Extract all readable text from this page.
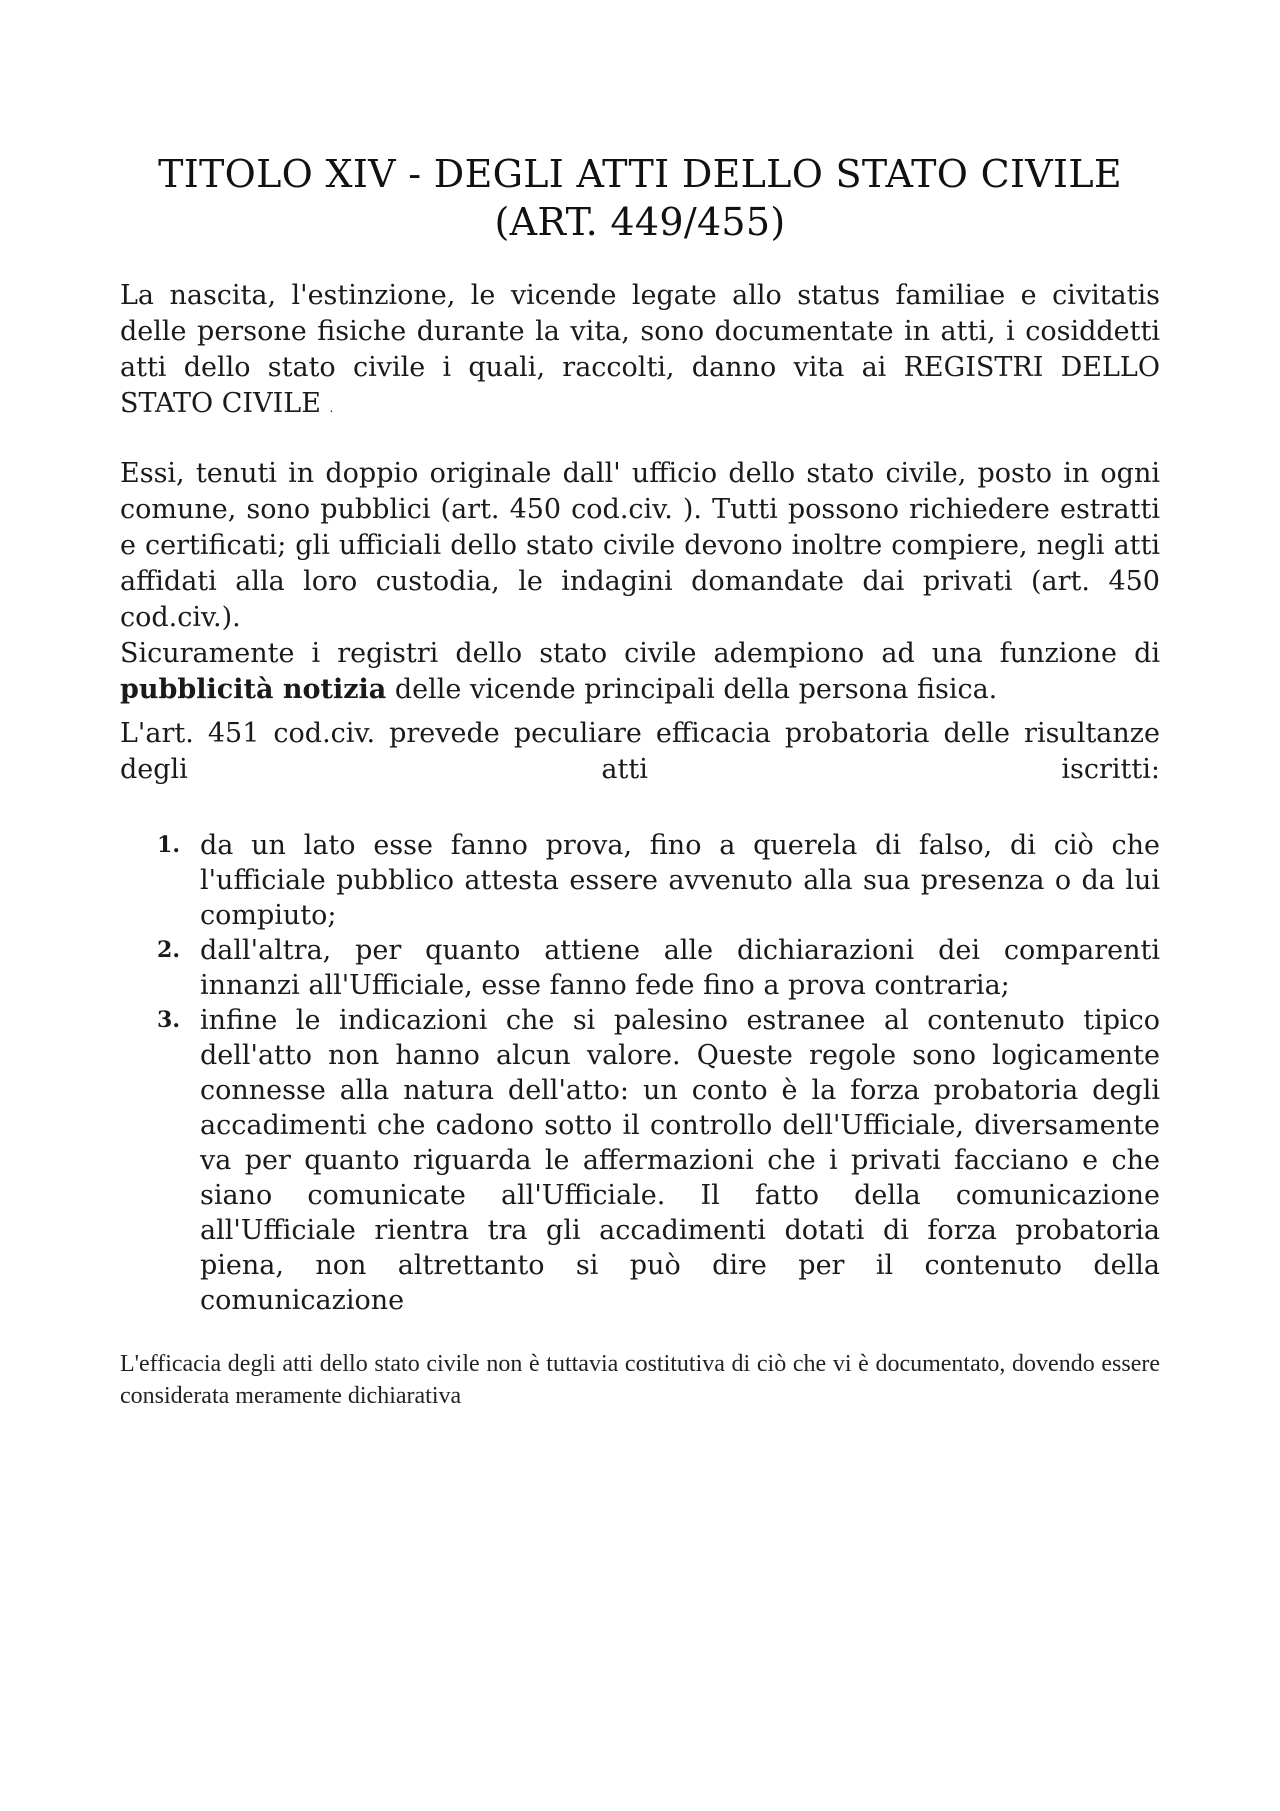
TITOLO XIV - DEGLI ATTI DELLO STATO CIVILE
(ART. 449/455)

La nascita, l'estinzione, le vicende legate allo status familiae e civitatis delle persone fisiche durante la vita, sono documentate in atti, i cosiddetti atti dello stato civile i quali, raccolti, danno vita ai REGISTRI DELLO STATO CIVILE .

Essi, tenuti in doppio originale dall' ufficio dello stato civile, posto in ogni comune, sono pubblici (art. 450 cod.civ. ). Tutti possono richiedere estratti e certificati; gli ufficiali dello stato civile devono inoltre compiere, negli atti affidati alla loro custodia, le indagini domandate dai privati (art. 450 cod.civ.).

Sicuramente i registri dello stato civile adempiono ad una funzione di pubblicità notizia delle vicende principali della persona fisica.

L'art. 451 cod.civ. prevede peculiare efficacia probatoria delle risultanze degli atti iscritti:

da un lato esse fanno prova, fino a querela di falso, di ciò che l'ufficiale pubblico attesta essere avvenuto alla sua presenza o da lui compiuto;
dall'altra, per quanto attiene alle dichiarazioni dei comparenti innanzi all'Ufficiale, esse fanno fede fino a prova contraria;
infine le indicazioni che si palesino estranee al contenuto tipico dell'atto non hanno alcun valore. Queste regole sono logicamente connesse alla natura dell'atto: un conto è la forza probatoria degli accadimenti che cadono sotto il controllo dell'Ufficiale, diversamente va per quanto riguarda le affermazioni che i privati facciano e che siano comunicate all'Ufficiale. Il fatto della comunicazione all'Ufficiale rientra tra gli accadimenti dotati di forza probatoria piena, non altrettanto si può dire per il contenuto della comunicazione

L'efficacia degli atti dello stato civile non è tuttavia costitutiva di ciò che vi è documentato, dovendo essere considerata meramente dichiarativa
